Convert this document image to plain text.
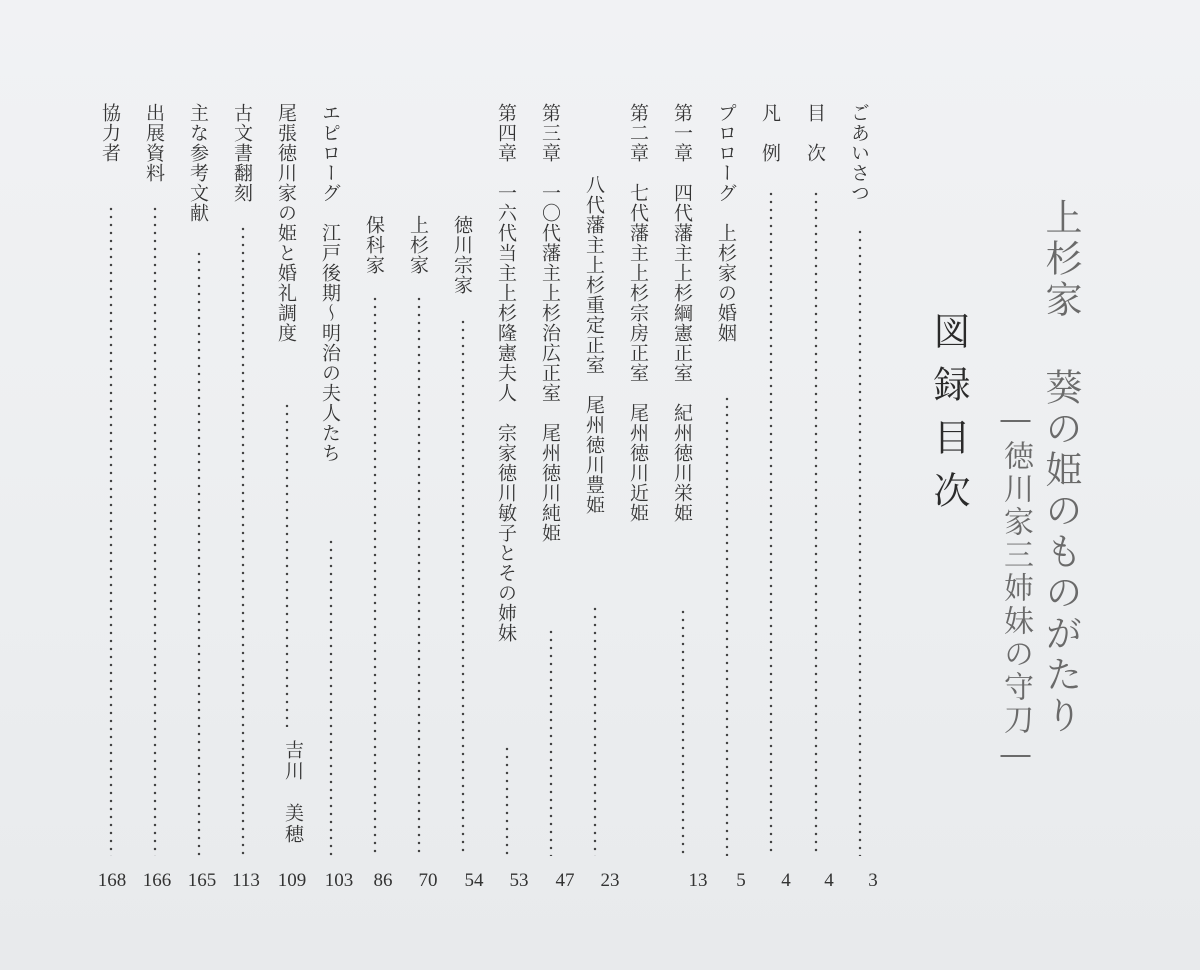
上杉家 葵の姫のものがたり
―徳川家三姉妹の守刀―
図録目次
ごあいさつ
3
目　次
4
凡　例
4
プロローグ　上杉家の婚姻
5
第一章　四代藩主上杉綱憲正室　紀州徳川栄姫
13
第二章　七代藩主上杉宗房正室　尾州徳川近姫
八代藩主上杉重定正室　尾州徳川豊姫
23
第三章　一〇代藩主上杉治広正室　尾州徳川純姫
47
第四章　一六代当主上杉隆憲夫人　宗家徳川敏子とその姉妹
53
徳川宗家
54
上杉家
70
保科家
86
エピローグ　江戸後期～明治の夫人たち
103
尾張徳川家の姫と婚礼調度
109
古文書翻刻
113
主な参考文献
165
出展資料
166
協力者
168
吉川　美穂
